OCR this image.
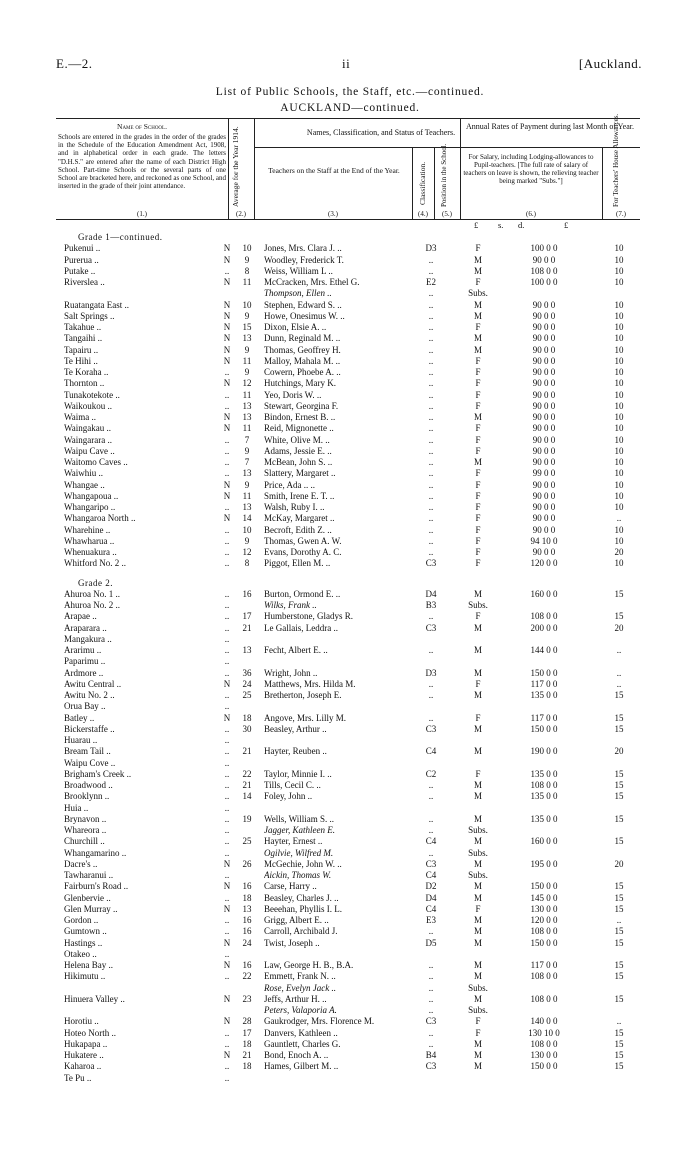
E.—2.	ii	[Auckland.
List of Public Schools, the Staff, etc.—continued.
AUCKLAND—continued.
Name of School.
Schools are entered in the grades in the order of the grades in the Schedule of the Education Amendment Act, 1908, and in alphabetical order in each grade. The letters "D.H.S." are entered after the name of each District High School. Part-time Schools or the several parts of one School are bracketed here, and reckoned as one School, and inserted in the grade of their joint attendance.
(1.)
Average for the Year 1914.
(2.)
Names, Classification, and Status of Teachers.
Teachers on the Staff at the End of the Year.
(3.)
Classification.
(4.)
Position in the School.
(5.)
Annual Rates of Payment during last Month of Year.
For Salary, including Lodging-allowances to Pupil-teachers. [The full rate of salary of teachers on leave is shown, the relieving teacher being marked "Subs."]
(6.)
For Teachers' House Allowances.
(7.)
£ s. d.	£
Grade 1—continued.
Pukenui ..	N	10	Jones, Mrs. Clara J. ..	D3	F	100 0 0	10
Purerua ..	N	9	Woodley, Frederick T.	..	M	90 0 0	10
Putake ..	..	8	Weiss, William L ..	..	M	108 0 0	10
Riverslea ..	N	11	McCracken, Mrs. Ethel G.	E2	F	100 0 0	10
Thompson, Ellen ..	..	Subs.
Ruatangata East ..	N	10	Stephen, Edward S. ..	..	M	90 0 0	10
Salt Springs ..	N	9	Howe, Onesimus W. ..	..	M	90 0 0	10
Takahue ..	N	15	Dixon, Elsie A. ..	..	F	90 0 0	10
Tangaihi ..	N	13	Dunn, Reginald M. ..	..	M	90 0 0	10
Tapairu ..	N	9	Thomas, Geoffrey H.	..	M	90 0 0	10
Te Hihi ..	N	11	Malloy, Mahala M. ..	..	F	90 0 0	10
Te Koraha ..	..	9	Cowern, Phoebe A. ..	..	F	90 0 0	10
Thornton ..	N	12	Hutchings, Mary K.	..	F	90 0 0	10
Tunakotekote ..	..	11	Yeo, Doris W. ..	..	F	90 0 0	10
Waikoukou ..	..	13	Stewart, Georgina F.	..	F	90 0 0	10
Waima ..	N	13	Bindon, Ernest B. ..	..	M	90 0 0	10
Waingakau ..	N	11	Reid, Mignonette ..	..	F	90 0 0	10
Waingarara ..	..	7	White, Olive M. ..	..	F	90 0 0	10
Waipu Cave ..	..	9	Adams, Jessie E. ..	..	F	90 0 0	10
Waitomo Caves ..	..	7	McBean, John S. ..	..	M	90 0 0	10
Waiwhiu ..	..	13	Slattery, Margaret ..	..	F	99 0 0	10
Whangae ..	N	9	Price, Ada .. ..	..	F	90 0 0	10
Whangapoua ..	N	11	Smith, Irene E. T. ..	..	F	90 0 0	10
Whangaripo ..	..	13	Walsh, Ruby I. ..	..	F	90 0 0	10
Whangaroa North ..	N	14	McKay, Margaret ..	..	F	90 0 0	..
Wharehine ..	..	10	Becroft, Edith Z. ..	..	F	90 0 0	10
Whawharua ..	..	9	Thomas, Gwen A. W.	..	F	94 10 0	10
Whenuakura ..	..	12	Evans, Dorothy A. C.	..	F	90 0 0	20
Whitford No. 2 ..	..	8	Piggot, Ellen M. ..	C3	F	120 0 0	10
Grade 2.
Ahuroa No. 1 ..	..	16	Burton, Ormond E. ..	D4	M	160 0 0	15
Ahuroa No. 2 ..	..	Wilks, Frank ..	B3	Subs.
Arapae ..	..	17	Humberstone, Gladys R.	..	F	108 0 0	15
Araparara ..	..	21	Le Gallais, Leddra ..	C3	M	200 0 0	20
Mangakura ..	..
Ararimu ..	..	13	Fecht, Albert E. ..	..	M	144 0 0	..
Paparimu ..	..
Ardmore ..	..	36	Wright, John ..	D3	M	150 0 0	..
Awitu Central ..	N	24	Matthews, Mrs. Hilda M.	..	F	117 0 0	..
Awitu No. 2 ..	..	25	Bretherton, Joseph E.	..	M	135 0 0	15
Orua Bay ..	..
Batley ..	N	18	Angove, Mrs. Lilly M.	..	F	117 0 0	15
Bickerstaffe ..	..	30	Beasley, Arthur ..	C3	M	150 0 0	15
Huarau ..	..
Bream Tail ..	..	21	Hayter, Reuben ..	C4	M	190 0 0	20
Waipu Cove ..	..
Brigham's Creek ..	..	22	Taylor, Minnie I. ..	C2	F	135 0 0	15
Broadwood ..	..	21	Tills, Cecil C. ..	..	M	108 0 0	15
Brooklynn ..	..	14	Foley, John ..	..	M	135 0 0	15
Huia ..	..
Brynavon ..	..	19	Wells, William S. ..	..	M	135 0 0	15
Whareora ..	..	Jagger, Kathleen E.	..	Subs.
Churchill ..	..	25	Hayter, Ernest ..	C4	M	160 0 0	15
Whangamarino ..	..	Ogilvie, Wilfred M.	..	Subs.
Dacre's ..	N	26	McGechie, John W. ..	C3	M	195 0 0	20
Tawharanui ..	..	Aickin, Thomas W.	C4	Subs.
Fairburn's Road ..	N	16	Carse, Harry ..	D2	M	150 0 0	15
Glenbervie ..	..	18	Beasley, Charles J. ..	D4	M	145 0 0	15
Glen Murray ..	N	13	Beeehan, Phyllis I. L.	C4	F	130 0 0	15
Gordon ..	..	16	Grigg, Albert E. ..	E3	M	120 0 0	..
Gumtown ..	..	16	Carroll, Archibald J.	..	M	108 0 0	15
Hastings ..	N	24	Twist, Joseph ..	D5	M	150 0 0	15
Otakeo ..	..
Helena Bay ..	N	16	Law, George H. B., B.A.	..	M	117 0 0	15
Hikimutu ..	..	22	Emmett, Frank N. ..	..	M	108 0 0	15
Rose, Evelyn Jack ..	..	Subs.
Hinuera Valley ..	N	23	Jeffs, Arthur H. ..	..	M	108 0 0	15
Peters, Valaporia A.	..	Subs.
Horotiu ..	N	28	Gaukrodger, Mrs. Florence M.	C3	F	140 0 0	..
Hoteo North ..	..	17	Danvers, Kathleen ..	..	F	130 10 0	15
Hukapapa ..	..	18	Gauntlett, Charles G.	..	M	108 0 0	15
Hukatere ..	N	21	Bond, Enoch A. ..	B4	M	130 0 0	15
Kaharoa ..	..	18	Hames, Gilbert M. ..	C3	M	150 0 0	15
Te Pu ..	..
